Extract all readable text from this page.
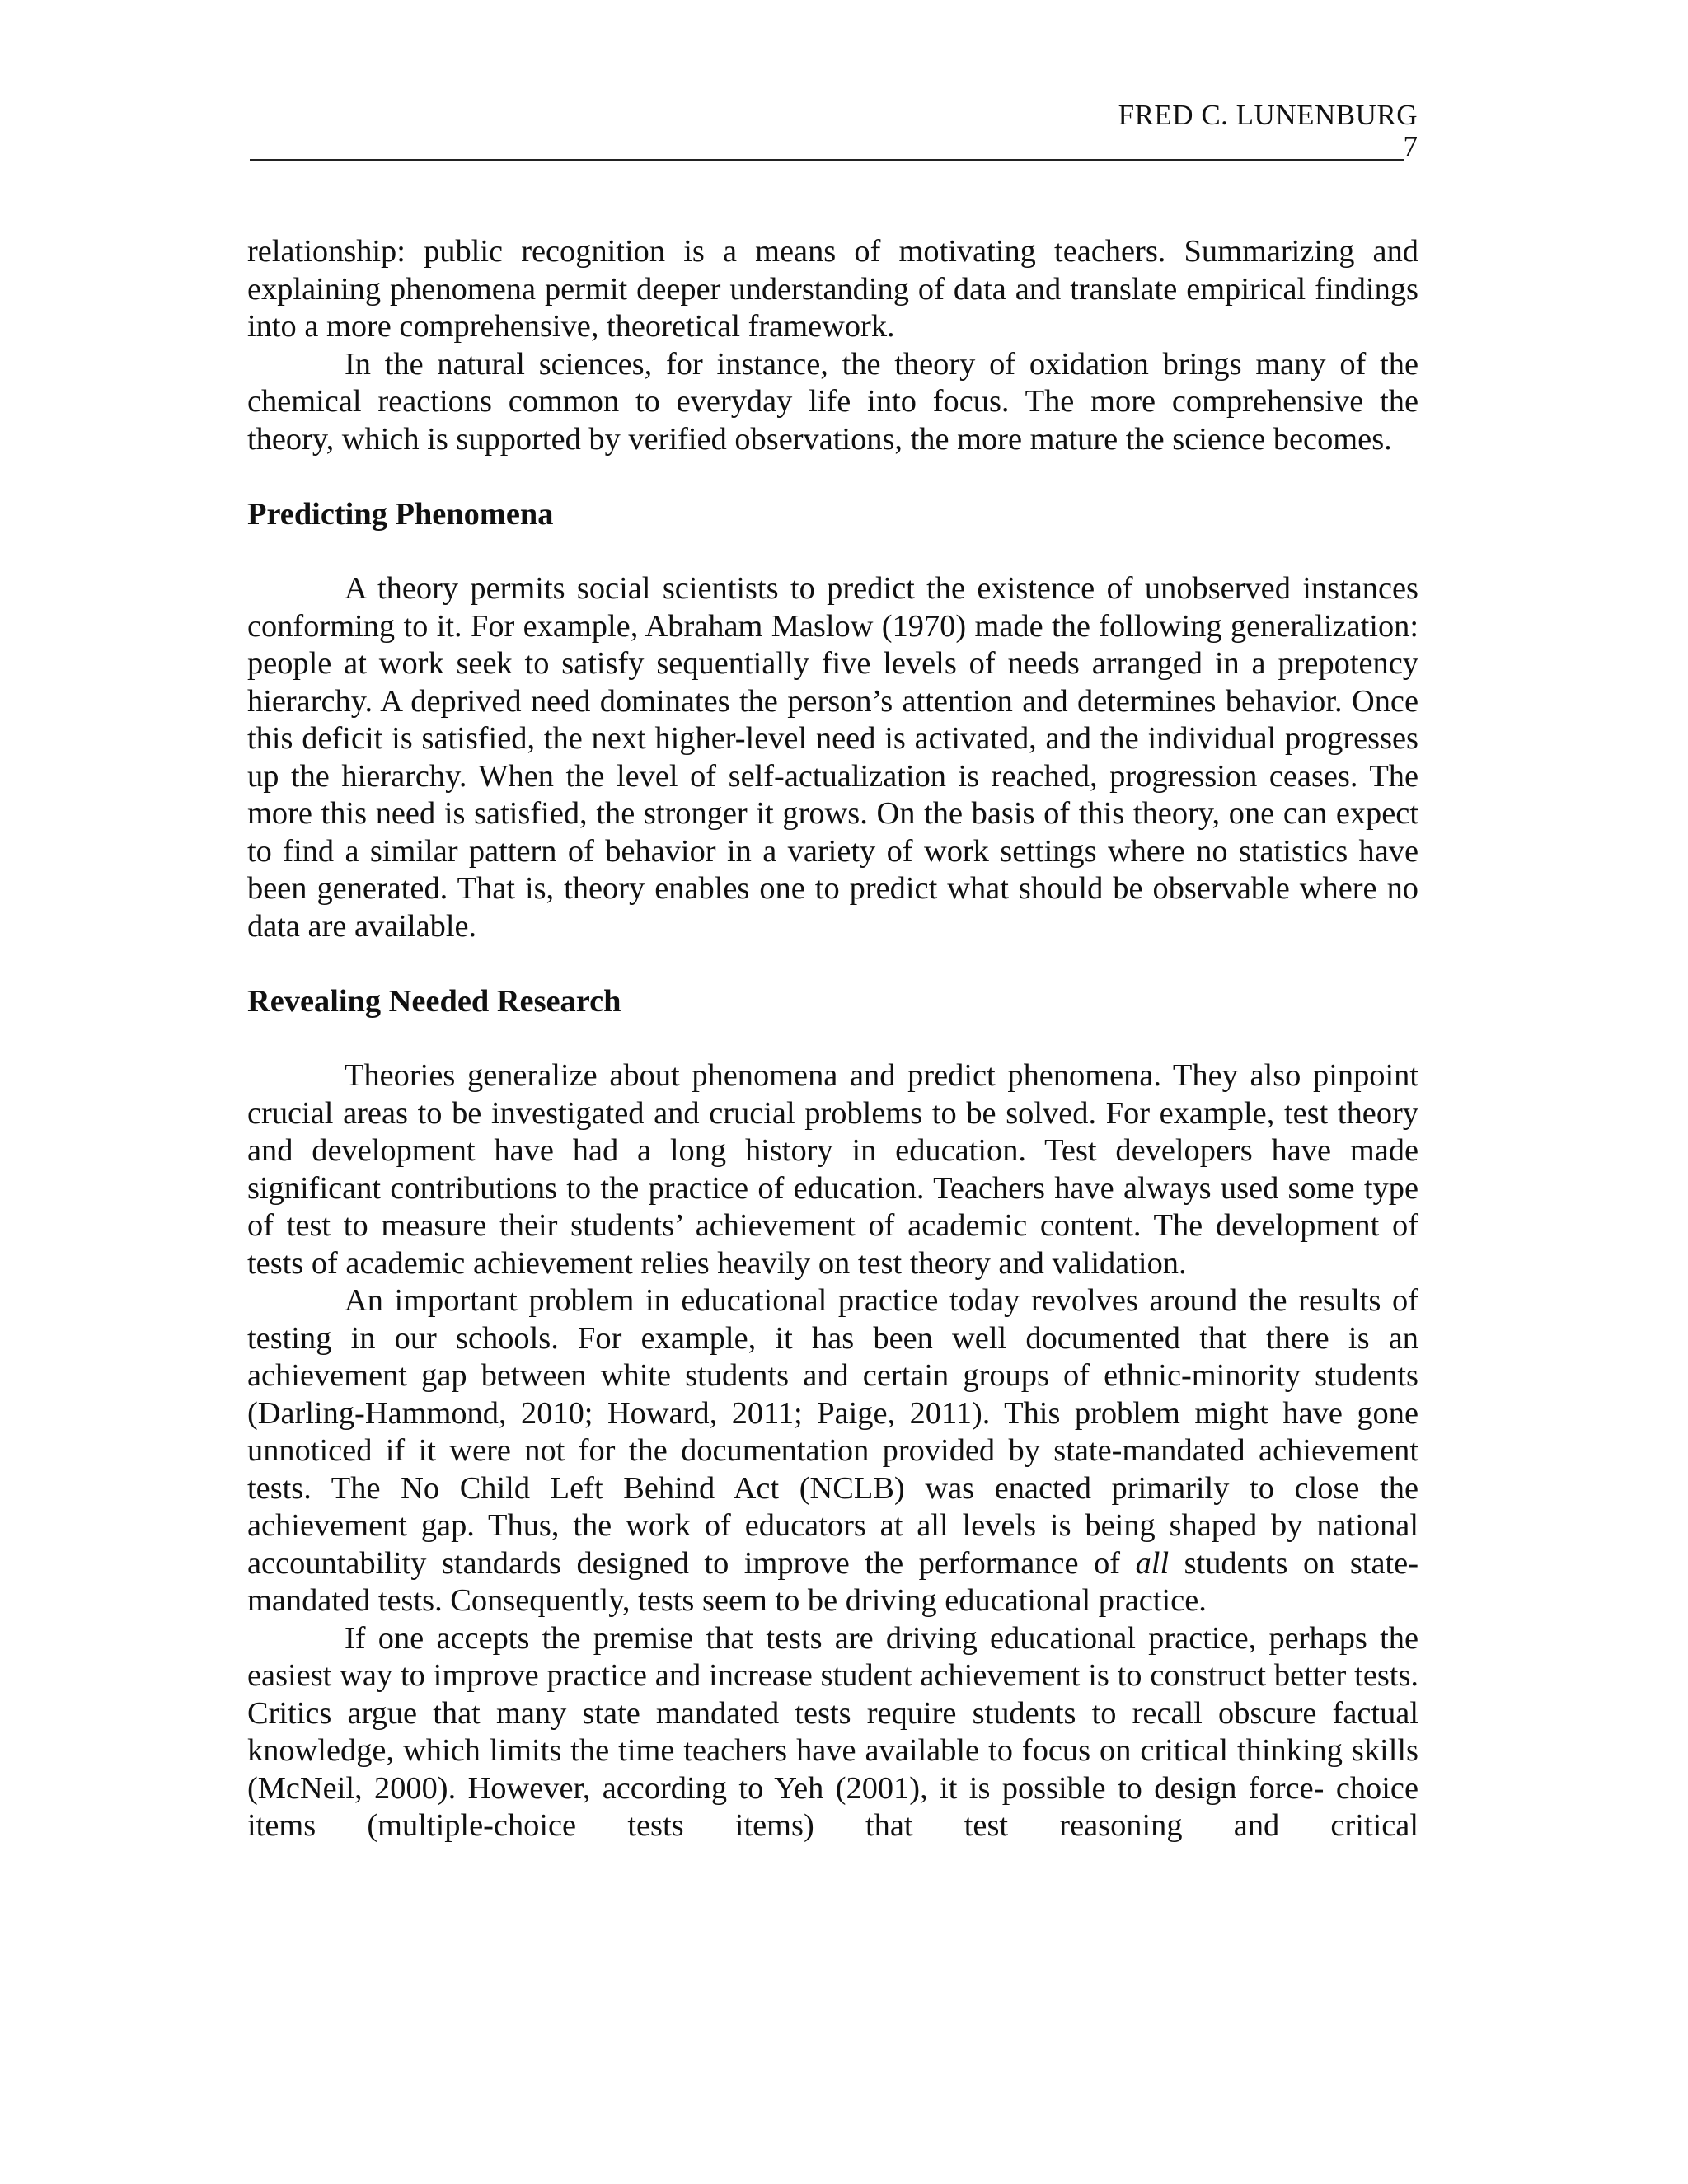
FRED C. LUNENBURG
7

relationship: public recognition is a means of motivating teachers. Summarizing and explaining phenomena permit deeper understanding of data and translate empirical findings into a more comprehensive, theoretical framework.

In the natural sciences, for instance, the theory of oxidation brings many of the chemical reactions common to everyday life into focus. The more comprehensive the theory, which is supported by verified observations, the more mature the science becomes.

Predicting Phenomena

A theory permits social scientists to predict the existence of unobserved instances conforming to it. For example, Abraham Maslow (1970) made the following generalization: people at work seek to satisfy sequentially five levels of needs arranged in a prepotency hierarchy. A deprived need dominates the person’s attention and determines behavior. Once this deficit is satisfied, the next higher-level need is activated, and the individual progresses up the hierarchy. When the level of self-actualization is reached, progression ceases. The more this need is satisfied, the stronger it grows. On the basis of this theory, one can expect to find a similar pattern of behavior in a variety of work settings where no statistics have been generated. That is, theory enables one to predict what should be observable where no data are available.

Revealing Needed Research

Theories generalize about phenomena and predict phenomena. They also pinpoint crucial areas to be investigated and crucial problems to be solved. For example, test theory and development have had a long history in education. Test developers have made significant contributions to the practice of education. Teachers have always used some type of test to measure their students’ achievement of academic content. The development of tests of academic achievement relies heavily on test theory and validation.

An important problem in educational practice today revolves around the results of testing in our schools. For example, it has been well documented that there is an achievement gap between white students and certain groups of ethnic-minority students (Darling-Hammond, 2010; Howard, 2011; Paige, 2011). This problem might have gone unnoticed if it were not for the documentation provided by state-mandated achievement tests. The No Child Left Behind Act (NCLB) was enacted primarily to close the achievement gap. Thus, the work of educators at all levels is being shaped by national accountability standards designed to improve the performance of all students on state-mandated tests. Consequently, tests seem to be driving educational practice.

If one accepts the premise that tests are driving educational practice, perhaps the easiest way to improve practice and increase student achievement is to construct better tests. Critics argue that many state mandated tests require students to recall obscure factual knowledge, which limits the time teachers have available to focus on critical thinking skills (McNeil, 2000). However, according to Yeh (2001), it is possible to design force- choice items (multiple-choice tests items) that test reasoning and critical
